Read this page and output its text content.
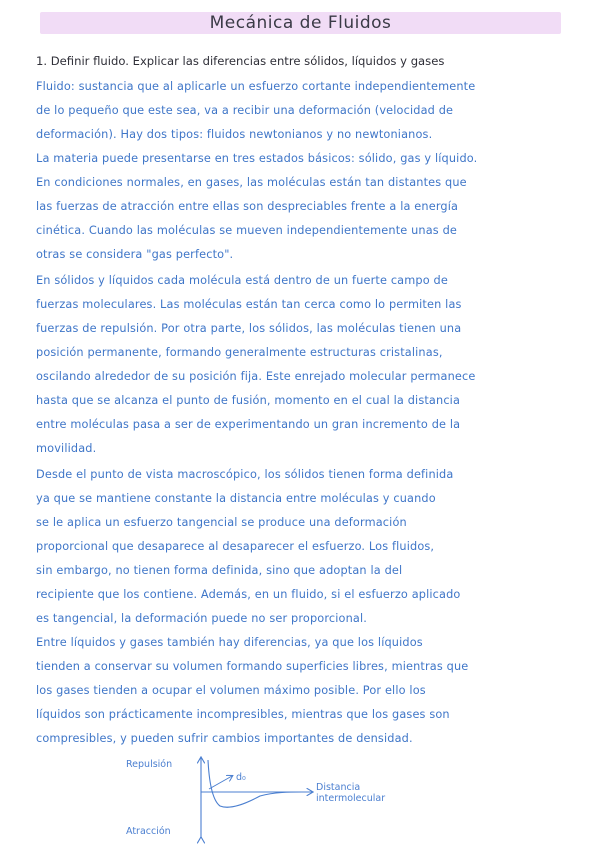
Mecánica de Fluidos
1. Definir fluido. Explicar las diferencias entre sólidos, líquidos y gases
Fluido: sustancia que al aplicarle un esfuerzo cortante independientemente
de lo pequeño que este sea, va a recibir una deformación (velocidad de
deformación). Hay dos tipos: fluidos newtonianos y no newtonianos.
La materia puede presentarse en tres estados básicos: sólido, gas y líquido.
En condiciones normales, en gases, las moléculas están tan distantes que
las fuerzas de atracción entre ellas son despreciables frente a la energía
cinética. Cuando las moléculas se mueven independientemente unas de
otras se considera "gas perfecto".
En sólidos y líquidos cada molécula está dentro de un fuerte campo de
fuerzas moleculares. Las moléculas están tan cerca como lo permiten las
fuerzas de repulsión. Por otra parte, los sólidos, las moléculas tienen una
posición permanente, formando generalmente estructuras cristalinas,
oscilando alrededor de su posición fija. Este enrejado molecular permanece
hasta que se alcanza el punto de fusión, momento en el cual la distancia
entre moléculas pasa a ser de experimentando un gran incremento de la
movilidad.
Desde el punto de vista macroscópico, los sólidos tienen forma definida
ya que se mantiene constante la distancia entre moléculas y cuando
se le aplica un esfuerzo tangencial se produce una deformación
proporcional que desaparece al desaparecer el esfuerzo. Los fluidos,
sin embargo, no tienen forma definida, sino que adoptan la del
recipiente que los contiene. Además, en un fluido, si el esfuerzo aplicado
es tangencial, la deformación puede no ser proporcional.
Entre líquidos y gases también hay diferencias, ya que los líquidos
tienden a conservar su volumen formando superficies libres, mientras que
los gases tienden a ocupar el volumen máximo posible. Por ello los
líquidos son prácticamente incompresibles, mientras que los gases son
compresibles, y pueden sufrir cambios importantes de densidad.
Repulsión
Atracción
d₀
Distancia
intermolecular
